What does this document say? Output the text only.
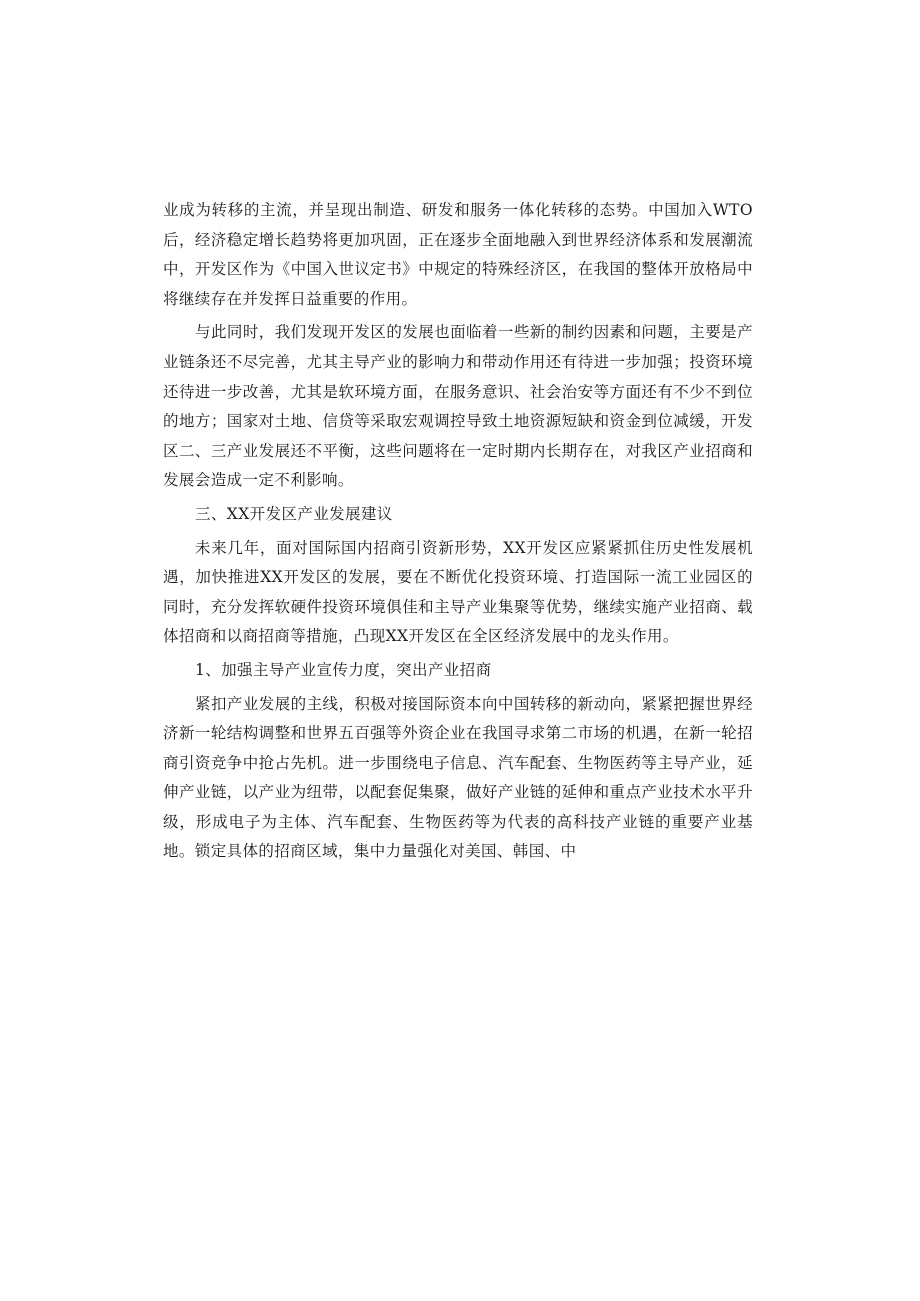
业成为转移的主流，并呈现出制造、研发和服务一体化转移的态势。中国加入WTO后，经济稳定增长趋势将更加巩固，正在逐步全面地融入到世界经济体系和发展潮流中，开发区作为《中国入世议定书》中规定的特殊经济区，在我国的整体开放格局中将继续存在并发挥日益重要的作用。

与此同时，我们发现开发区的发展也面临着一些新的制约因素和问题，主要是产业链条还不尽完善，尤其主导产业的影响力和带动作用还有待进一步加强；投资环境还待进一步改善，尤其是软环境方面，在服务意识、社会治安等方面还有不少不到位的地方；国家对土地、信贷等采取宏观调控导致土地资源短缺和资金到位减缓，开发区二、三产业发展还不平衡，这些问题将在一定时期内长期存在，对我区产业招商和发展会造成一定不利影响。

三、XX开发区产业发展建议

未来几年，面对国际国内招商引资新形势，XX开发区应紧紧抓住历史性发展机遇，加快推进XX开发区的发展，要在不断优化投资环境、打造国际一流工业园区的同时，充分发挥软硬件投资环境俱佳和主导产业集聚等优势，继续实施产业招商、载体招商和以商招商等措施，凸现XX开发区在全区经济发展中的龙头作用。

1、加强主导产业宣传力度，突出产业招商

紧扣产业发展的主线，积极对接国际资本向中国转移的新动向，紧紧把握世界经济新一轮结构调整和世界五百强等外资企业在我国寻求第二市场的机遇，在新一轮招商引资竞争中抢占先机。进一步围绕电子信息、汽车配套、生物医药等主导产业，延伸产业链，以产业为纽带，以配套促集聚，做好产业链的延伸和重点产业技术水平升级，形成电子为主体、汽车配套、生物医药等为代表的高科技产业链的重要产业基地。锁定具体的招商区域，集中力量强化对美国、韩国、中
